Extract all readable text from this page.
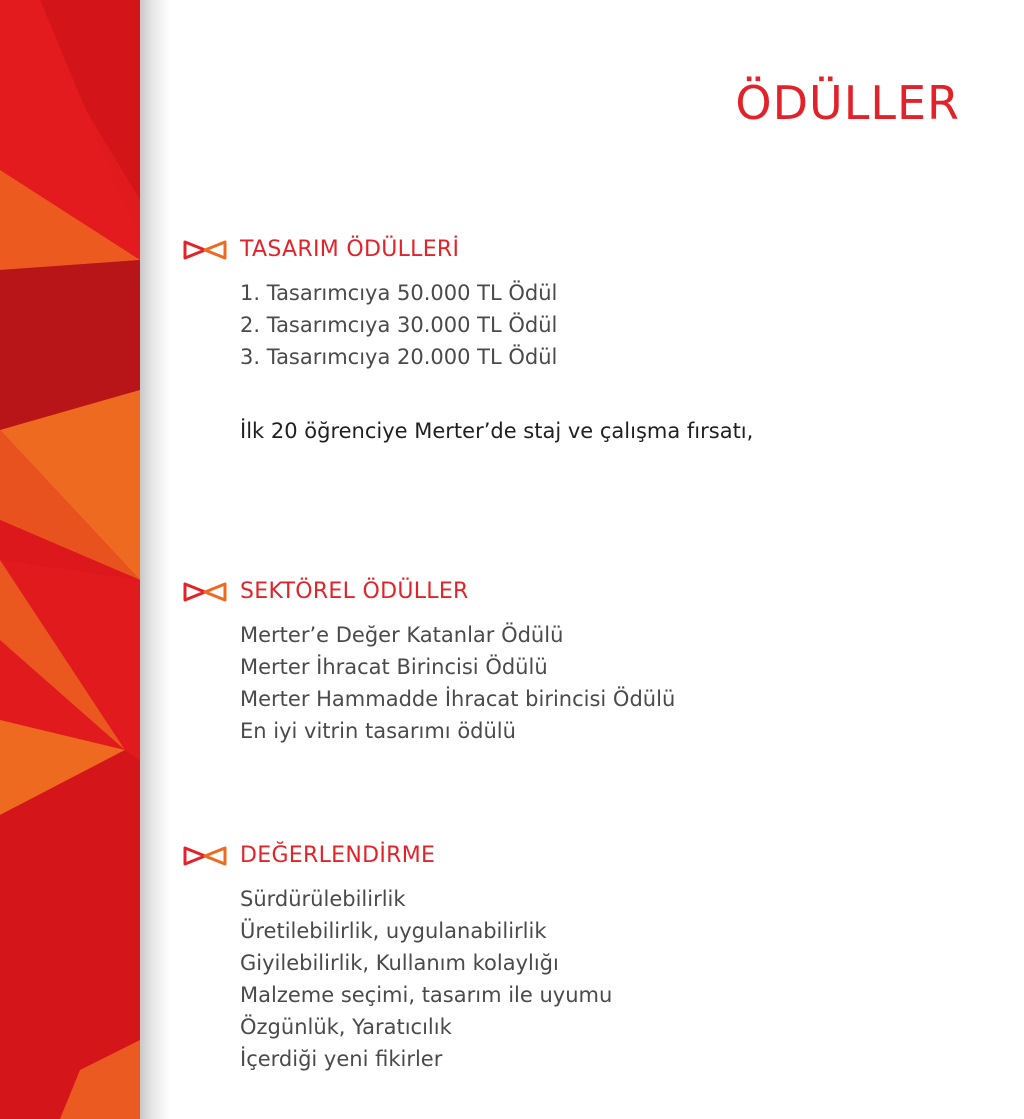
ÖDÜLLER
TASARIM ÖDÜLLERİ
1. Tasarımcıya 50.000 TL Ödül
2. Tasarımcıya 30.000 TL Ödül
3. Tasarımcıya 20.000 TL Ödül

İlk 20 öğrenciye Merter’de staj ve çalışma fırsatı,

SEKTÖREL ÖDÜLLER
Merter’e Değer Katanlar Ödülü
Merter İhracat Birincisi Ödülü
Merter Hammadde İhracat birincisi Ödülü
En iyi vitrin tasarımı ödülü
DEĞERLENDİRME
Sürdürülebilirlik
Üretilebilirlik, uygulanabilirlik
Giyilebilirlik, Kullanım kolaylığı
Malzeme seçimi, tasarım ile uyumu
Özgünlük, Yaratıcılık
İçerdiği yeni fikirler
